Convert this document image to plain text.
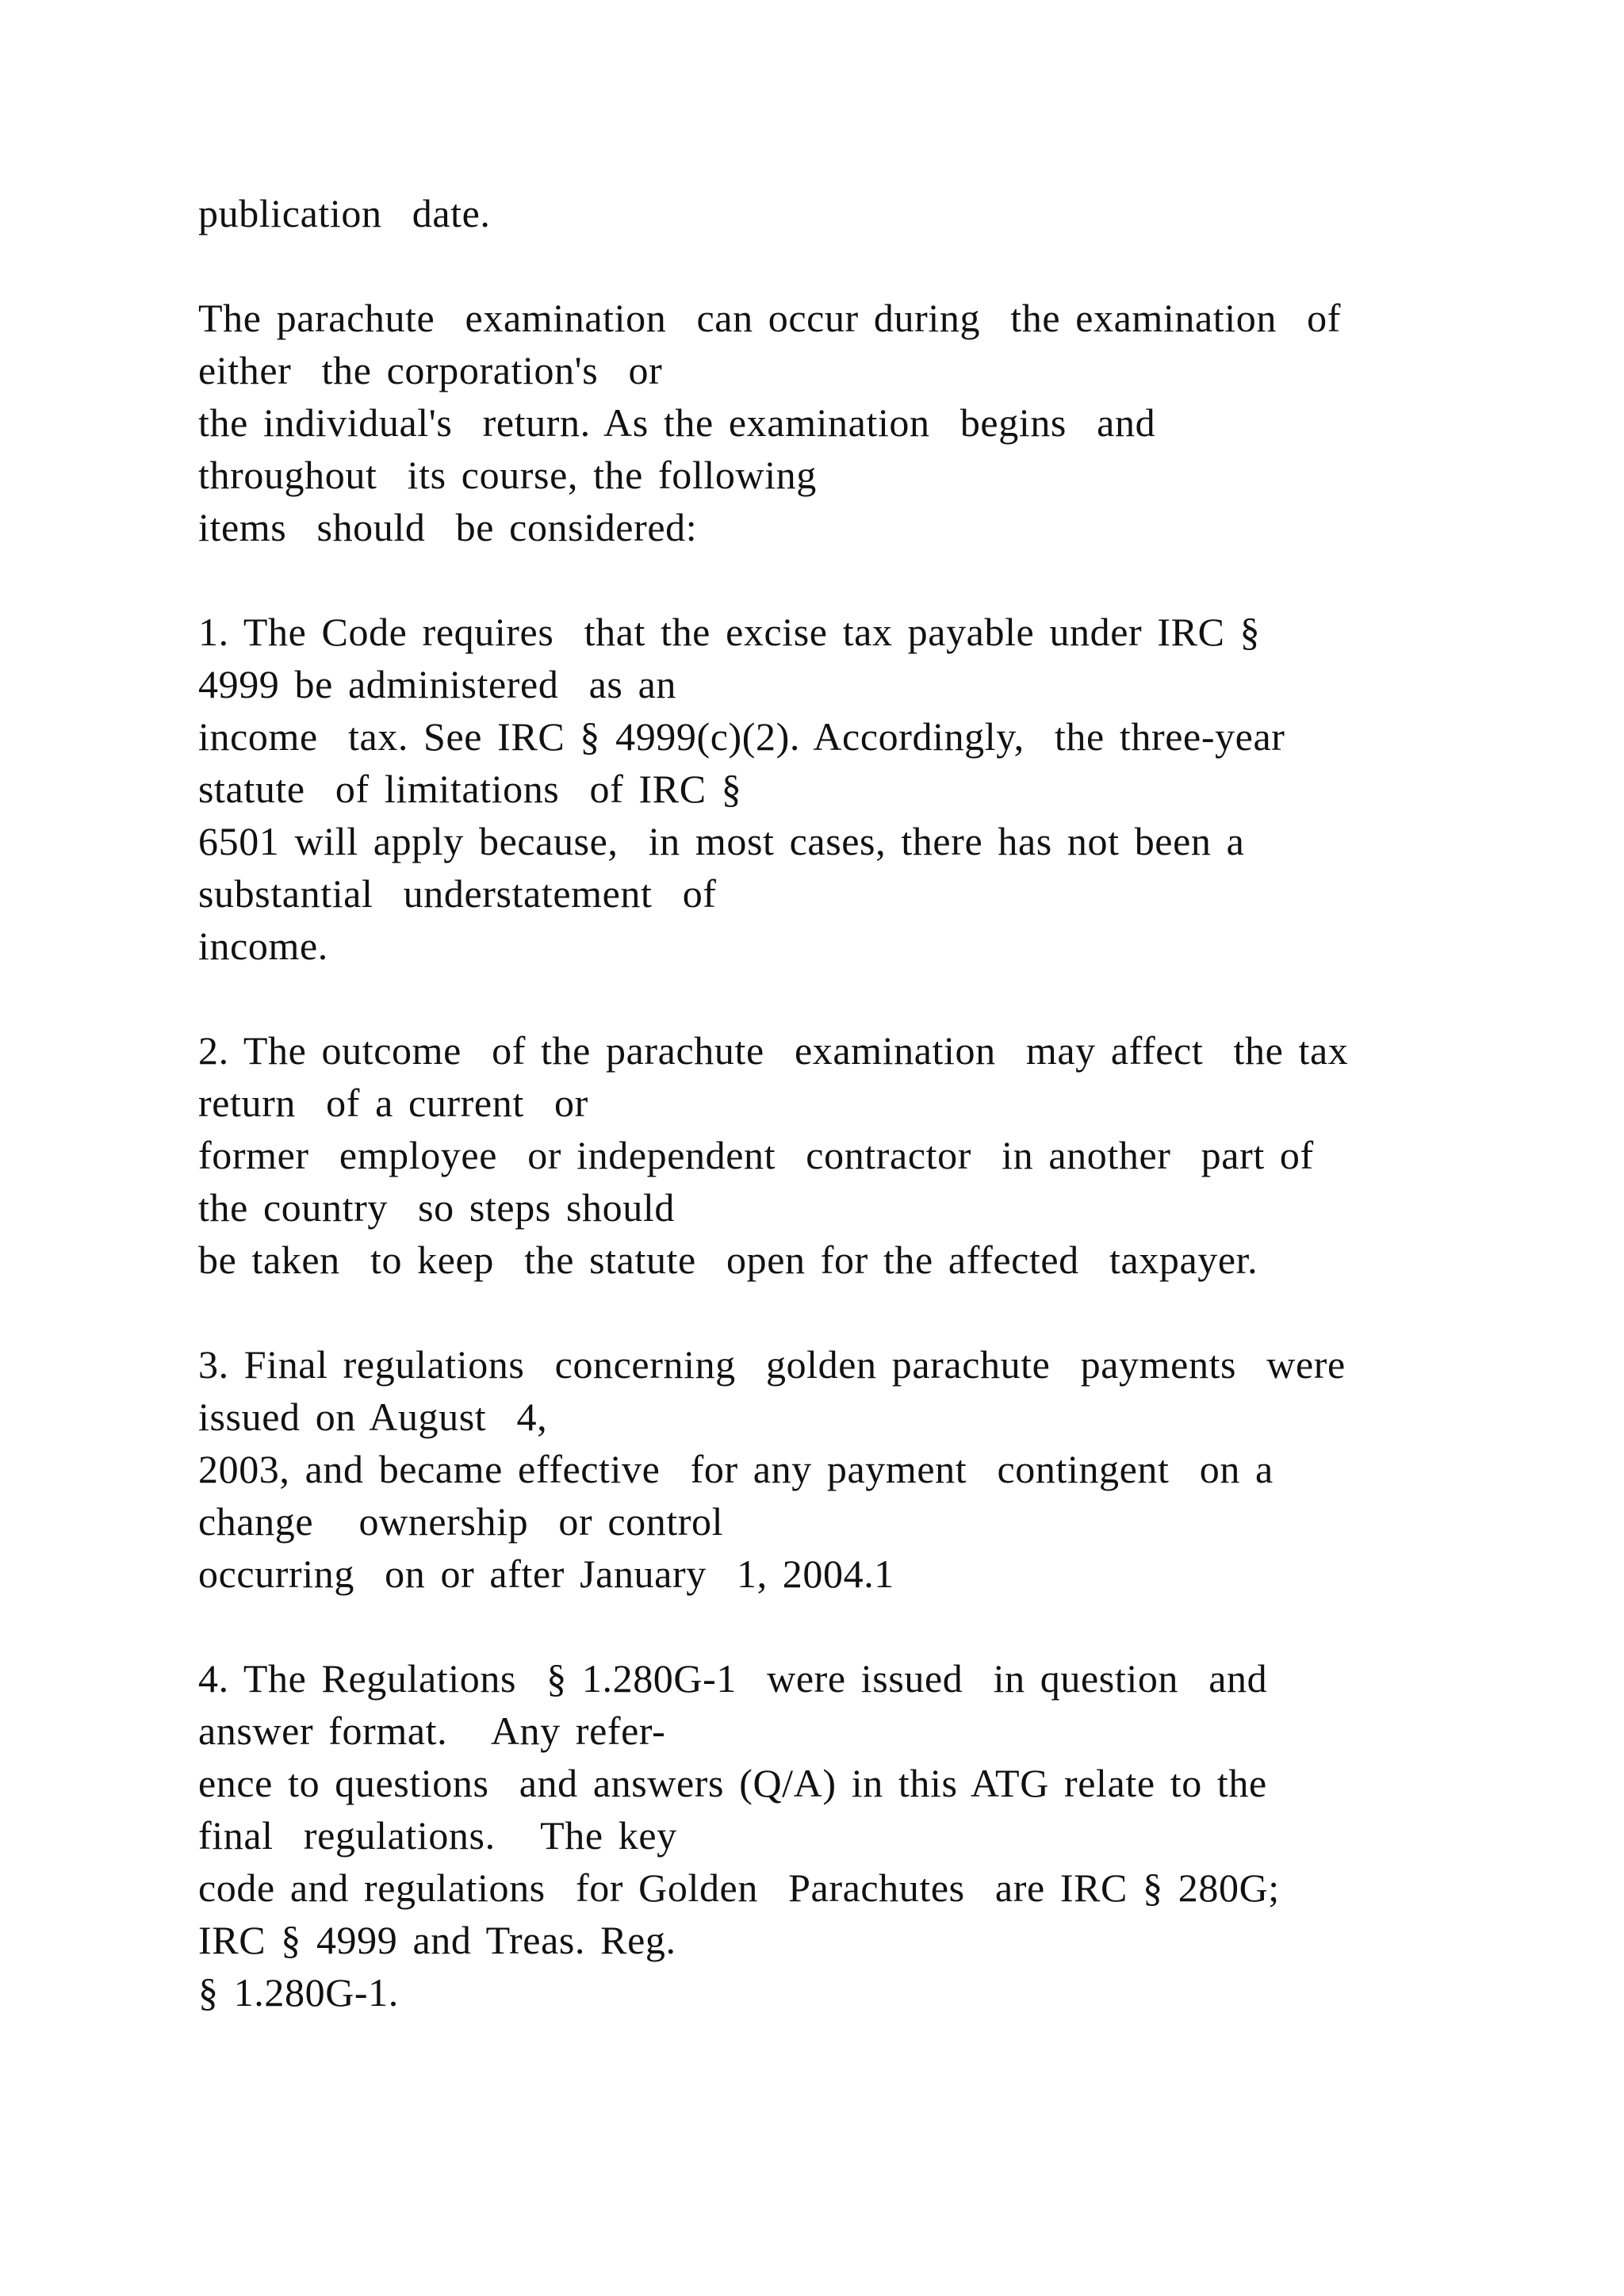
publication  date.
The parachute  examination  can occur during  the examination  of
either  the corporation's  or
the individual's  return. As the examination  begins  and
throughout  its course, the following
items  should  be considered:
1. The Code requires  that the excise tax payable under IRC §
4999 be administered  as an
income  tax. See IRC § 4999(c)(2). Accordingly,  the three-year
statute  of limitations  of IRC §
6501 will apply because,  in most cases, there has not been a
substantial  understatement  of
income.
2. The outcome  of the parachute  examination  may affect  the tax
return  of a current  or
former  employee  or independent  contractor  in another  part of
the country  so steps should
be taken  to keep  the statute  open for the affected  taxpayer.
3. Final regulations  concerning  golden parachute  payments  were
issued on August  4,
2003, and became effective  for any payment  contingent  on a
change   ownership  or control
occurring  on or after January  1, 2004.1
4. The Regulations  § 1.280G-1  were issued  in question  and
answer format.   Any refer-
ence to questions  and answers (Q/A) in this ATG relate to the
final  regulations.   The key
code and regulations  for Golden  Parachutes  are IRC § 280G;
IRC § 4999 and Treas. Reg.
§ 1.280G-1.
